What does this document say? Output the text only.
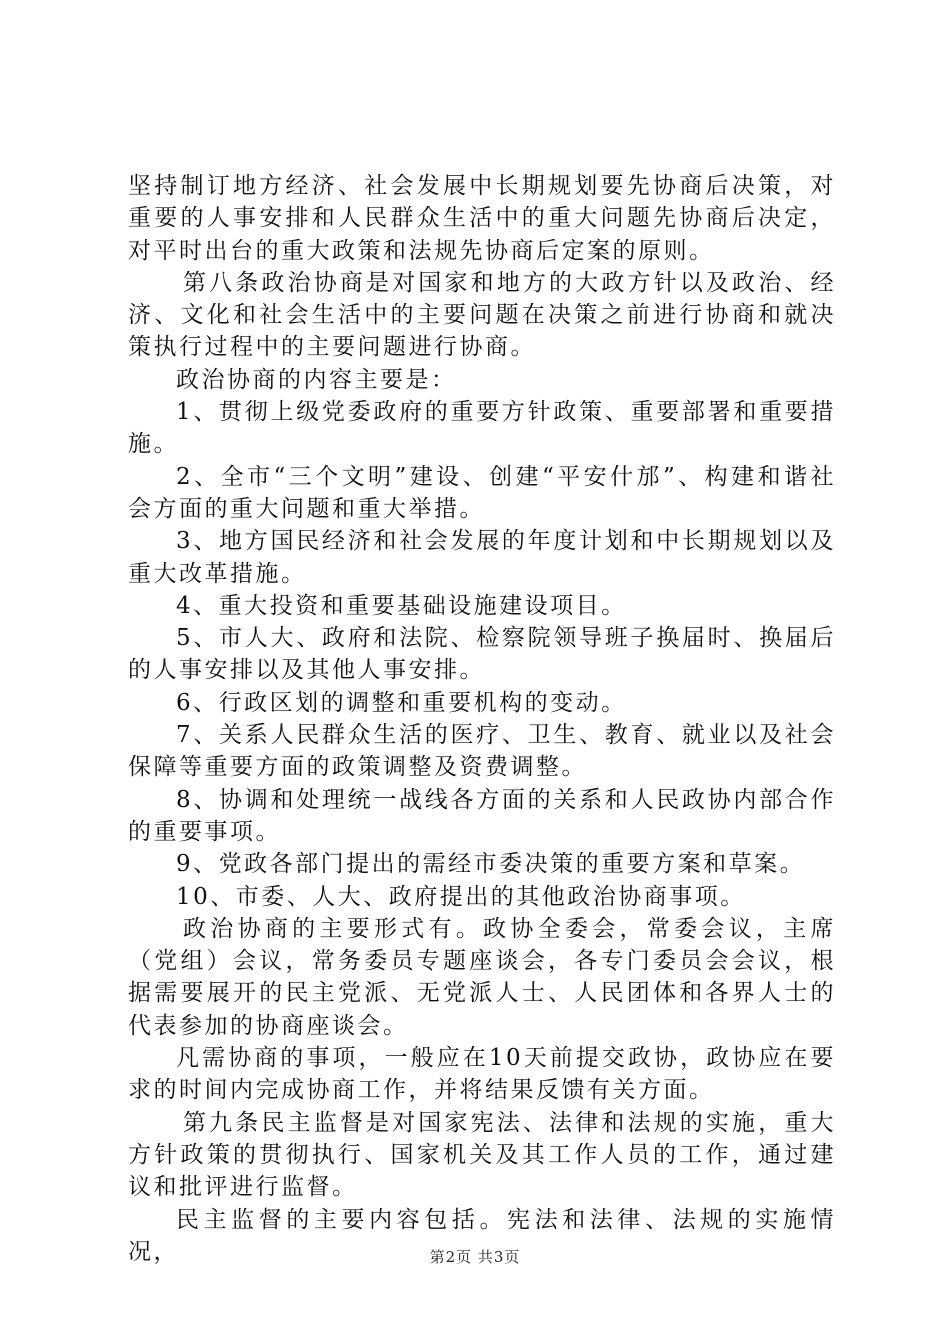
坚持制订地方经济、社会发展中长期规划要先协商后决策，对重要的人事安排和人民群众生活中的重大问题先协商后决定，对平时出台的重大政策和法规先协商后定案的原则。

第八条政治协商是对国家和地方的大政方针以及政治、经济、文化和社会生活中的主要问题在决策之前进行协商和就决策执行过程中的主要问题进行协商。

政治协商的内容主要是：

1、贯彻上级党委政府的重要方针政策、重要部署和重要措施。

2、全市“三个文明”建设、创建“平安什邡”、构建和谐社会方面的重大问题和重大举措。

3、地方国民经济和社会发展的年度计划和中长期规划以及重大改革措施。

4、重大投资和重要基础设施建设项目。

5、市人大、政府和法院、检察院领导班子换届时、换届后的人事安排以及其他人事安排。

6、行政区划的调整和重要机构的变动。

7、关系人民群众生活的医疗、卫生、教育、就业以及社会保障等重要方面的政策调整及资费调整。

8、协调和处理统一战线各方面的关系和人民政协内部合作的重要事项。

9、党政各部门提出的需经市委决策的重要方案和草案。

10、市委、人大、政府提出的其他政治协商事项。

政治协商的主要形式有。政协全委会，常委会议，主席（党组）会议，常务委员专题座谈会，各专门委员会会议，根据需要展开的民主党派、无党派人士、人民团体和各界人士的代表参加的协商座谈会。

凡需协商的事项，一般应在10天前提交政协，政协应在要求的时间内完成协商工作，并将结果反馈有关方面。

第九条民主监督是对国家宪法、法律和法规的实施，重大方针政策的贯彻执行、国家机关及其工作人员的工作，通过建议和批评进行监督。

民主监督的主要内容包括。宪法和法律、法规的实施情况，	第2页 共3页
